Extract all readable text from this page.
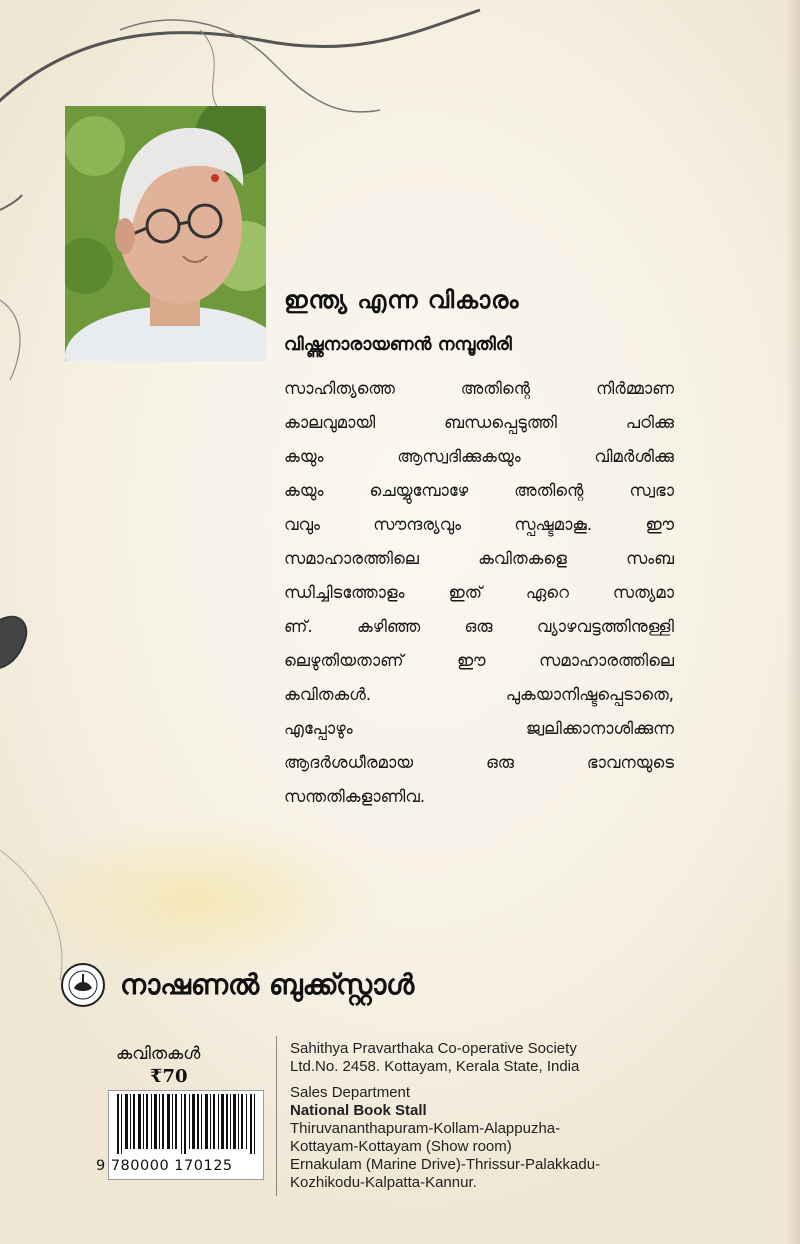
ഇന്ത്യ എന്ന വികാരം
വിഷ്ണുനാരായണൻ നമ്പൂതിരി
സാഹിത്യത്തെ അതിന്റെ നിർമ്മാണ
കാലവുമായി ബന്ധപ്പെടുത്തി പഠിക്കു
കയും ആസ്വദിക്കുകയും വിമർശിക്കു
കയും ചെയ്യുമ്പോഴേ അതിന്റെ സ്വഭാ
വവും സൗന്ദര്യവും സ്പഷ്ടമാകൂ. ഈ
സമാഹാരത്തിലെ കവിതകളെ സംബ
ന്ധിച്ചിടത്തോളം ഇത് ഏറെ സത്യമാ
ണ്. കഴിഞ്ഞ ഒരു വ്യാഴവട്ടത്തിനുള്ളി
ലെഴുതിയതാണ് ഈ സമാഹാരത്തിലെ
കവിതകൾ. പുകയാനിഷ്ടപ്പെടാതെ,
എപ്പോഴും ജ്വലിക്കാനാശിക്കുന്ന
ആദർശധീരമായ ഒരു ഭാവനയുടെ
സന്തതികളാണിവ.
നാഷണൽ ബുക്ക്സ്റ്റാൾ
കവിതകൾ
₹70
9 780000 170125
Sahithya Pravarthaka Co-operative Society
Ltd.No. 2458. Kottayam, Kerala State, India
Sales Department
National Book Stall
Thiruvananthapuram-Kollam-Alappuzha-
Kottayam-Kottayam (Show room)
Ernakulam (Marine Drive)-Thrissur-Palakkadu-
Kozhikodu-Kalpatta-Kannur.
